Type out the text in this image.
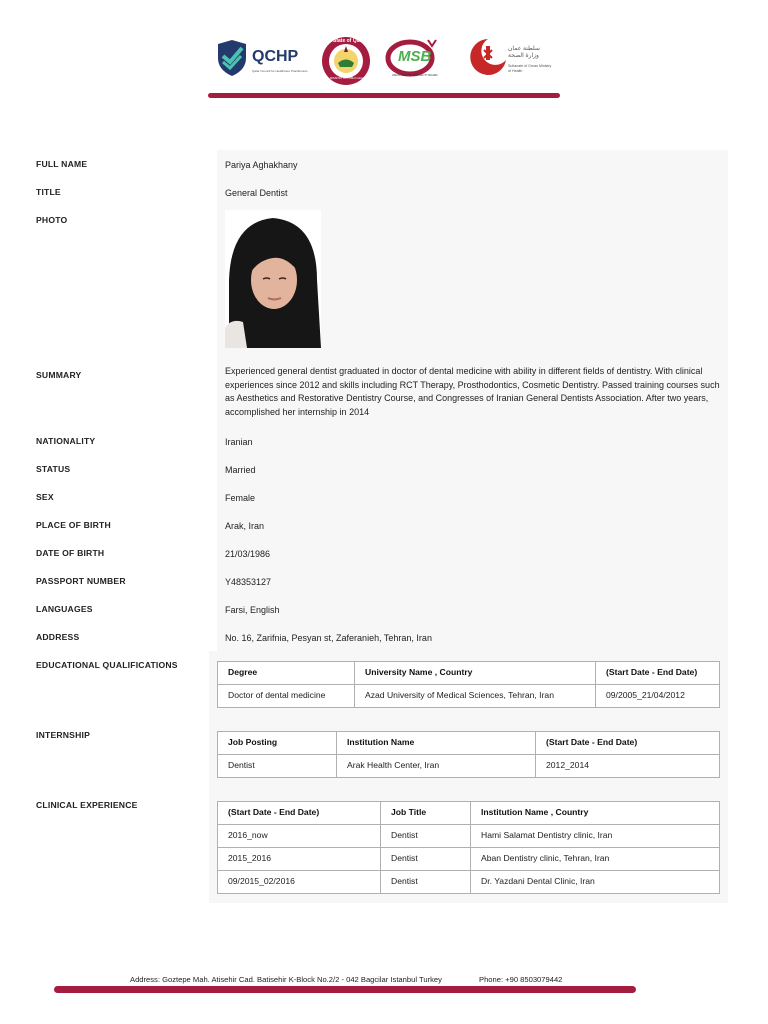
QCHP
Qatar Council for Healthcare Practitioners
State of Qatar
MINISTRY OF PUBLIC HEALTH
MSB
OMAN MEDICAL SPECIALITY BOARD
سلطنة عمان وزارة الصحة
Sultanate of Oman Ministry of Health
FULL NAME	Pariya Aghakhany
TITLE	General Dentist
PHOTO
SUMMARY	Experienced general dentist graduated in doctor of dental medicine with ability in different fields of dentistry. With clinical experiences since 2012 and skills including RCT Therapy, Prosthodontics, Cosmetic Dentistry. Passed training courses such as Aesthetics and Restorative Dentistry Course, and Congresses of Iranian General Dentists Association. After two years, accomplished her internship in 2014
NATIONALITY	Iranian
STATUS	Married
SEX	Female
PLACE OF BIRTH	Arak, Iran
DATE OF BIRTH	21/03/1986
PASSPORT NUMBER	Y48353127
LANGUAGES	Farsi, English
ADDRESS	No. 16, Zarifnia, Pesyan st, Zaferanieh, Tehran, Iran
EDUCATIONAL QUALIFICATIONS
Degree	University Name , Country	(Start Date - End Date)
Doctor of dental medicine	Azad University of Medical Sciences, Tehran, Iran	09/2005_21/04/2012
INTERNSHIP
Job Posting	Institution Name	(Start Date - End Date)
Dentist	Arak Health Center, Iran	2012_2014
CLINICAL EXPERIENCE
(Start Date - End Date)	Job Title	Institution Name , Country
2016_now	Dentist	Hami Salamat Dentistry clinic, Iran
2015_2016	Dentist	Aban Dentistry clinic, Tehran, Iran
09/2015_02/2016	Dentist	Dr. Yazdani Dental Clinic, Iran
Address: Goztepe Mah. Atisehir Cad. Batisehir K-Block No.2/2 - 042 Bagcilar Istanbul Turkey	Phone: +90 8503079442
